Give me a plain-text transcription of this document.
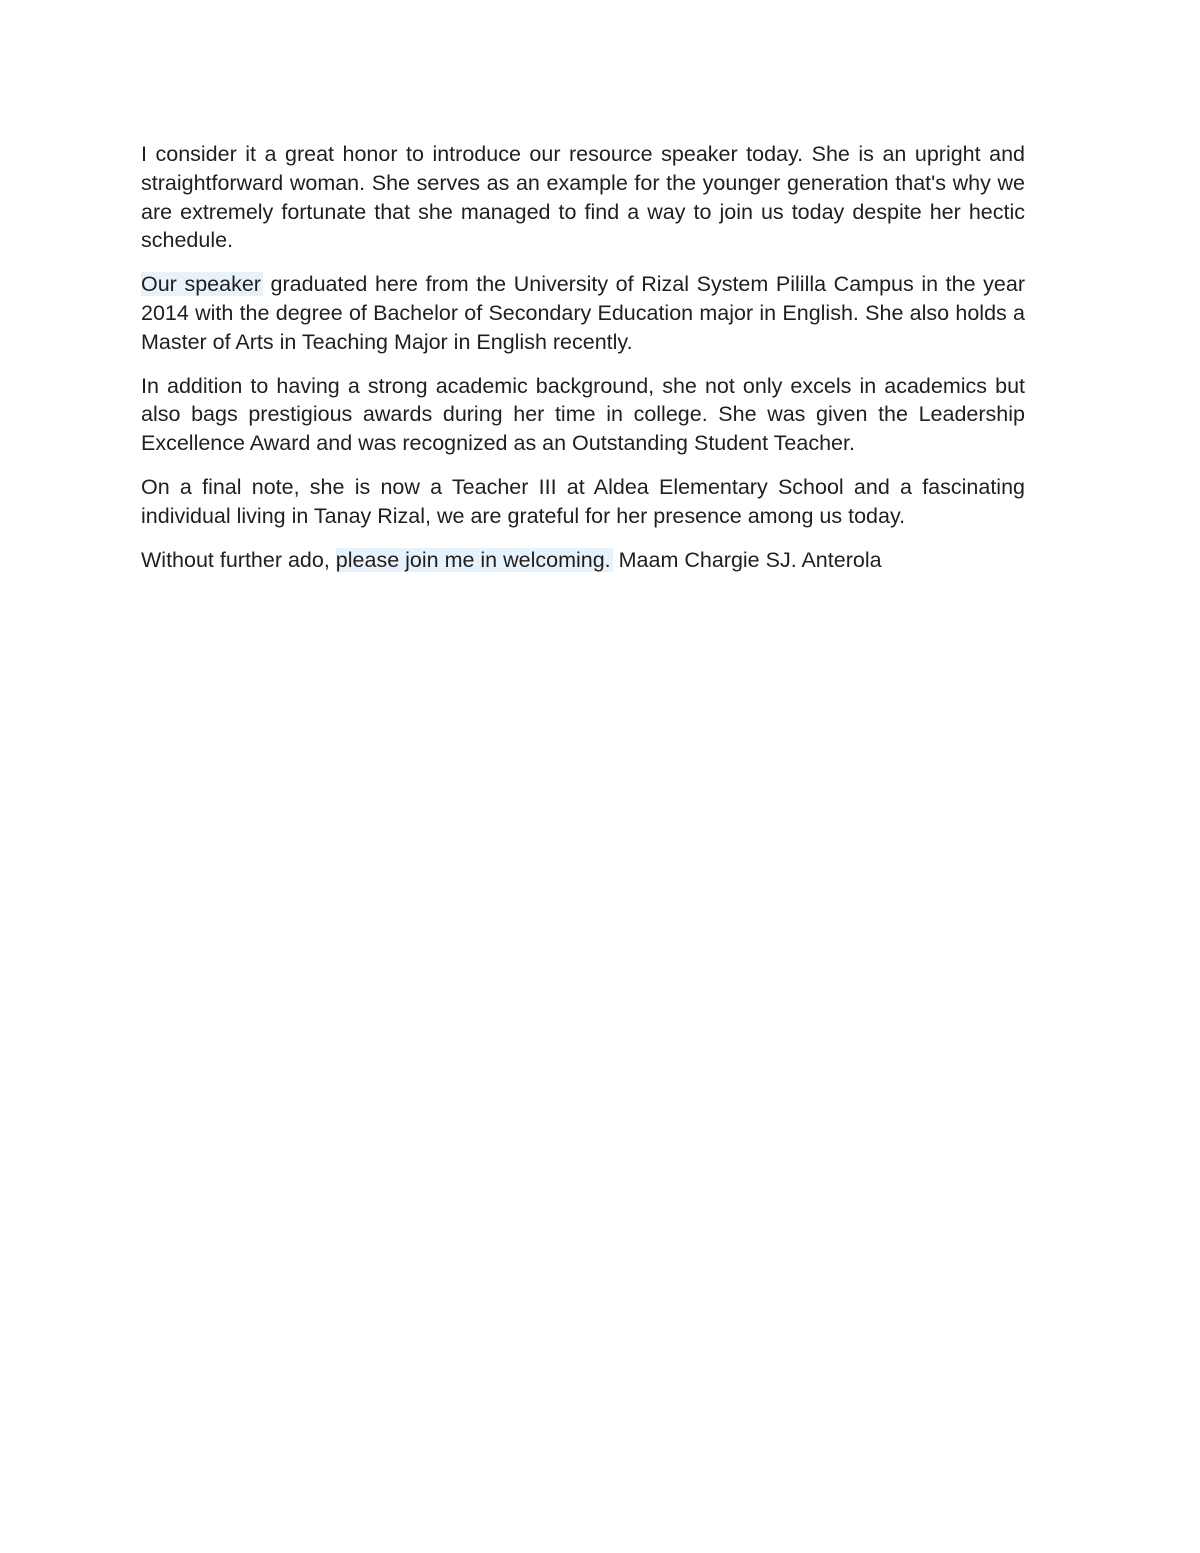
I consider it a great honor to introduce our resource speaker today. She is an upright and straightforward woman. She serves as an example for the younger generation that's why we are extremely fortunate that she managed to find a way to join us today despite her hectic schedule.

Our speaker graduated here from the University of Rizal System Pililla Campus in the year 2014 with the degree of Bachelor of Secondary Education major in English. She also holds a Master of Arts in Teaching Major in English recently.

In addition to having a strong academic background, she not only excels in academics but also bags prestigious awards during her time in college. She was given the Leadership Excellence Award and was recognized as an Outstanding Student Teacher.

On a final note, she is now a Teacher III at Aldea Elementary School and a fascinating individual living in Tanay Rizal, we are grateful for her presence among us today.

Without further ado, please join me in welcoming. Maam Chargie SJ. Anterola
